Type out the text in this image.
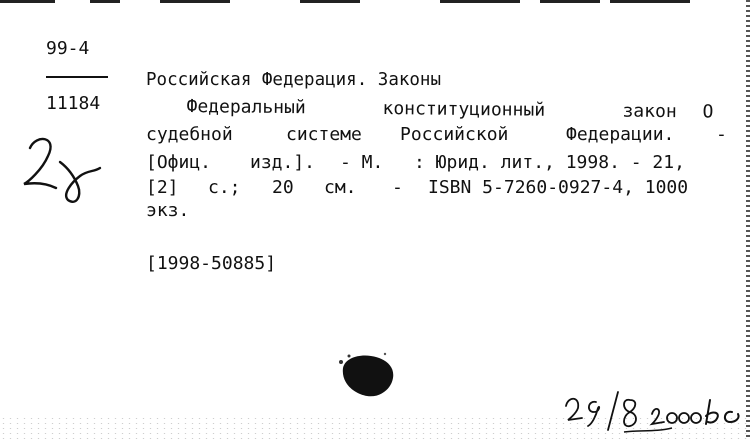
99-4
11184
Российская Федерация. Законы

Федеральный

	конституционный

	закон

О

судебной

	системе

Российской

	Федерации.

-

[Офиц.

изд.].

- М.

: Юрид. лит., 1998. - 21,

[2]

с.;

20

см.

-

ISBN 5-7260-0927-4, 1000

экз.
[1998-50885]
